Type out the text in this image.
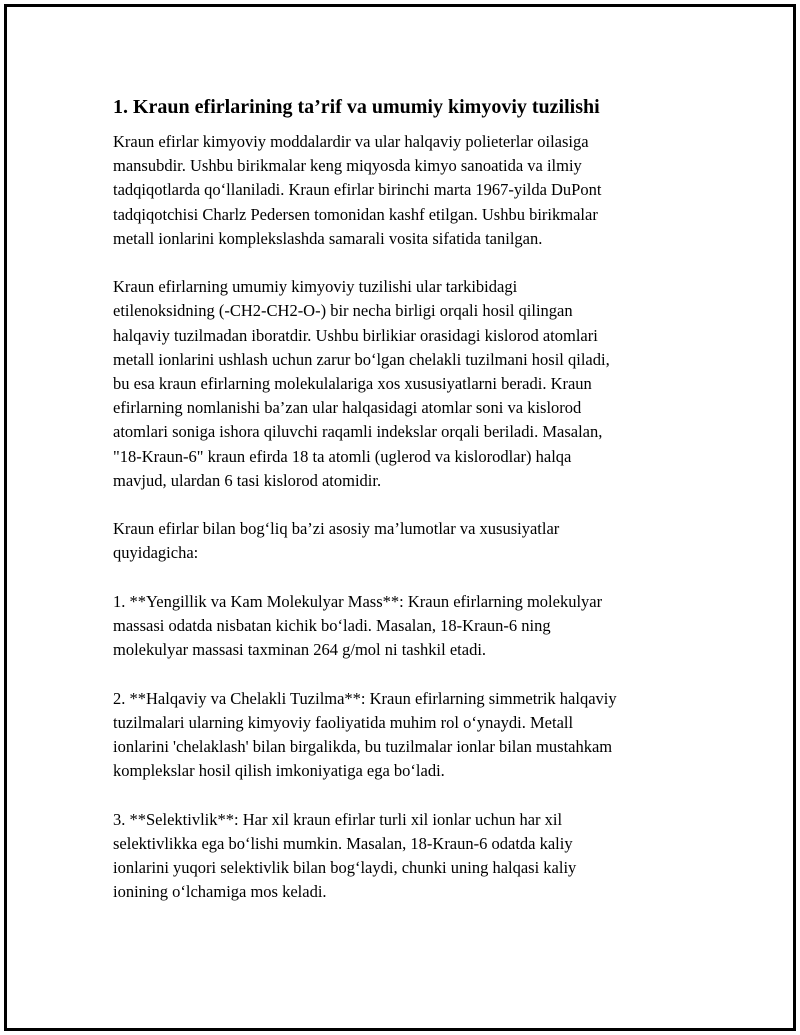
1. Kraun efirlarining ta’rif va umumiy kimyoviy tuzilishi

Kraun efirlar kimyoviy moddalardir va ular halqaviy polieterlar oilasiga
mansubdir. Ushbu birikmalar keng miqyosda kimyo sanoatida va ilmiy
tadqiqotlarda qo‘llaniladi. Kraun efirlar birinchi marta 1967-yilda DuPont
tadqiqotchisi Charlz Pedersen tomonidan kashf etilgan. Ushbu birikmalar
metall ionlarini komplekslashda samarali vosita sifatida tanilgan.

Kraun efirlarning umumiy kimyoviy tuzilishi ular tarkibidagi
etilenoksidning (-CH2-CH2-O-) bir necha birligi orqali hosil qilingan
halqaviy tuzilmadan iboratdir. Ushbu birlikiar orasidagi kislorod atomlari
metall ionlarini ushlash uchun zarur bo‘lgan chelakli tuzilmani hosil qiladi,
bu esa kraun efirlarning molekulalariga xos xususiyatlarni beradi. Kraun
efirlarning nomlanishi ba’zan ular halqasidagi atomlar soni va kislorod
atomlari soniga ishora qiluvchi raqamli indekslar orqali beriladi. Masalan,
"18-Kraun-6" kraun efirda 18 ta atomli (uglerod va kislorodlar) halqa
mavjud, ulardan 6 tasi kislorod atomidir.

Kraun efirlar bilan bog‘liq ba’zi asosiy ma’lumotlar va xususiyatlar
quyidagicha:

1. **Yengillik va Kam Molekulyar Mass**: Kraun efirlarning molekulyar
massasi odatda nisbatan kichik bo‘ladi. Masalan, 18-Kraun-6 ning
molekulyar massasi taxminan 264 g/mol ni tashkil etadi.

2. **Halqaviy va Chelakli Tuzilma**: Kraun efirlarning simmetrik halqaviy
tuzilmalari ularning kimyoviy faoliyatida muhim rol o‘ynaydi. Metall
ionlarini 'chelaklash' bilan birgalikda, bu tuzilmalar ionlar bilan mustahkam
komplekslar hosil qilish imkoniyatiga ega bo‘ladi.

3. **Selektivlik**: Har xil kraun efirlar turli xil ionlar uchun har xil
selektivlikka ega bo‘lishi mumkin. Masalan, 18-Kraun-6 odatda kaliy
ionlarini yuqori selektivlik bilan bog‘laydi, chunki uning halqasi kaliy
ionining o‘lchamiga mos keladi.
